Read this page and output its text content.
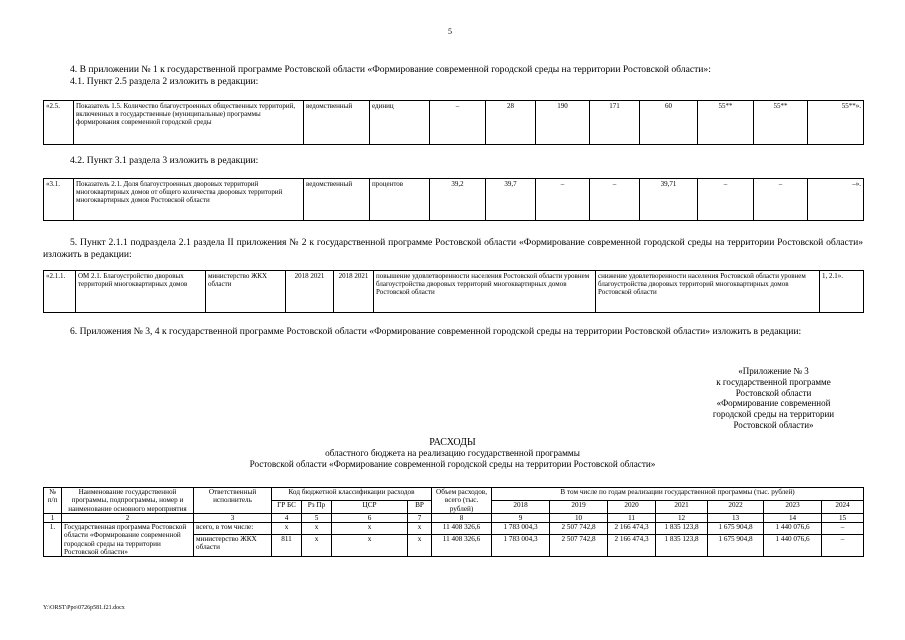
5
4. В приложении № 1 к государственной программе Ростовской области «Формирование современной городской среды на территории Ростовской области»:
4.1. Пункт 2.5 раздела 2 изложить в редакции:
«2.5.	Показатель 1.5. Количество благоустроенных общественных территорий, включенных в государственные (муниципальные) программы формирования современной городской среды	ведомственный	единиц	–	28	190	171	60	55**	55**	55**».
4.2. Пункт 3.1 раздела 3 изложить в редакции:
«3.1.	Показатель 2.1. Доля благоустроенных дворовых территорий многоквартирных домов от общего количества дворовых территорий многоквартирных домов Ростовской области	ведомственный	процентов	39,2	39,7	–	–	39,71	–	–	–».
5. Пункт 2.1.1 подраздела 2.1 раздела II приложения № 2 к государственной программе Ростовской области «Формирование современной городской среды на территории Ростовской области» изложить в редакции:
«2.1.1.	ОМ 2.1. Благоустройство дворовых территорий многоквартирных домов	министерство ЖКХ области	2018 2021	2018 2021	повышение удовлетворенности населения Ростовской области уровнем благоустройства дворовых территорий многоквартирных домов Ростовской области	снижение удовлетворенности населения Ростовской области уровнем благоустройства дворовых территорий многоквартирных домов Ростовской области	1, 2.1».
6. Приложения № 3, 4 к государственной программе Ростовской области «Формирование современной городской среды на территории Ростовской области» изложить в редакции:
«Приложение № 3
к государственной программе
Ростовской области
«Формирование современной
городской среды на территории
Ростовской области»
РАСХОДЫ
областного бюджета на реализацию государственной программы
Ростовской области «Формирование современной городской среды на территории Ростовской области»
№ п/п	Наименование государственной программы, подпрограммы, номер и наименование основного мероприятия	Ответственный исполнитель	Код бюджетной классификации расходов				Объем расходов, всего (тыс. рублей)	В том числе по годам реализации государственной программы (тыс. рублей)						
			ГР БС	Рз Пр	ЦСР	ВР		2018	2019	2020	2021	2022	2023	2024
1	2	3	4	5	6	7	8	9	10	11	12	13	14	15
1.	Государственная программа Ростовской области «Формирование современной городской среды на территории Ростовской области»	всего, в том числе:	x	x	x	x	11 408 326,6	1 783 004,3	2 507 742,8	2 166 474,3	1 835 123,8	1 675 904,8	1 440 076,6	–
		министерство ЖКХ области	811	x	x	x	11 408 326,6	1 783 004,3	2 507 742,8	2 166 474,3	1 835 123,8	1 675 904,8	1 440 076,6	–
Y:\ORST\Ppo\0726p581.f21.docx
